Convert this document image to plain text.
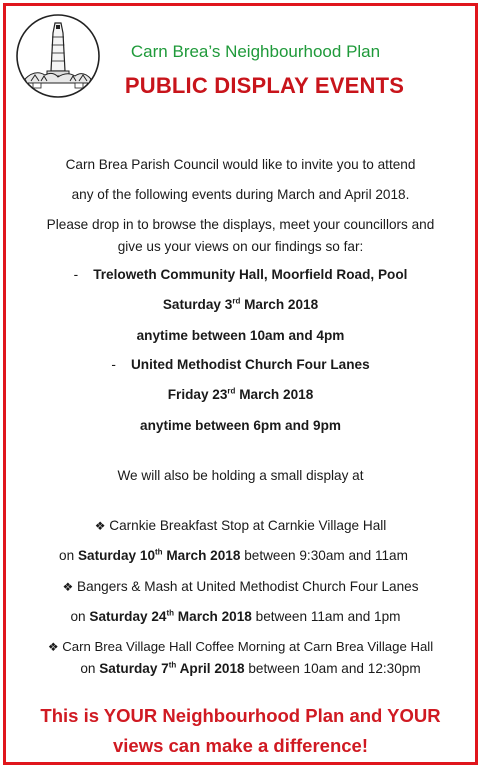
Carn Brea’s Neighbourhood Plan
PUBLIC DISPLAY EVENTS
Carn Brea Parish Council would like to invite you to attend
any of the following events during March and April 2018.
Please drop in to browse the displays, meet your councillors and
give us your views on our findings so far:
- Treloweth Community Hall, Moorfield Road, Pool
Saturday 3rd March 2018
anytime between 10am and 4pm
- United Methodist Church Four Lanes
Friday 23rd March 2018
anytime between 6pm and 9pm
We will also be holding a small display at
❖ Carnkie Breakfast Stop at Carnkie Village Hall
on Saturday 10th March 2018 between 9:30am and 11am
❖ Bangers & Mash at United Methodist Church Four Lanes
on Saturday 24th March 2018 between 11am and 1pm
❖ Carn Brea Village Hall Coffee Morning at Carn Brea Village Hall
on Saturday 7th April 2018 between 10am and 12:30pm
This is YOUR Neighbourhood Plan and YOUR
views can make a difference!
